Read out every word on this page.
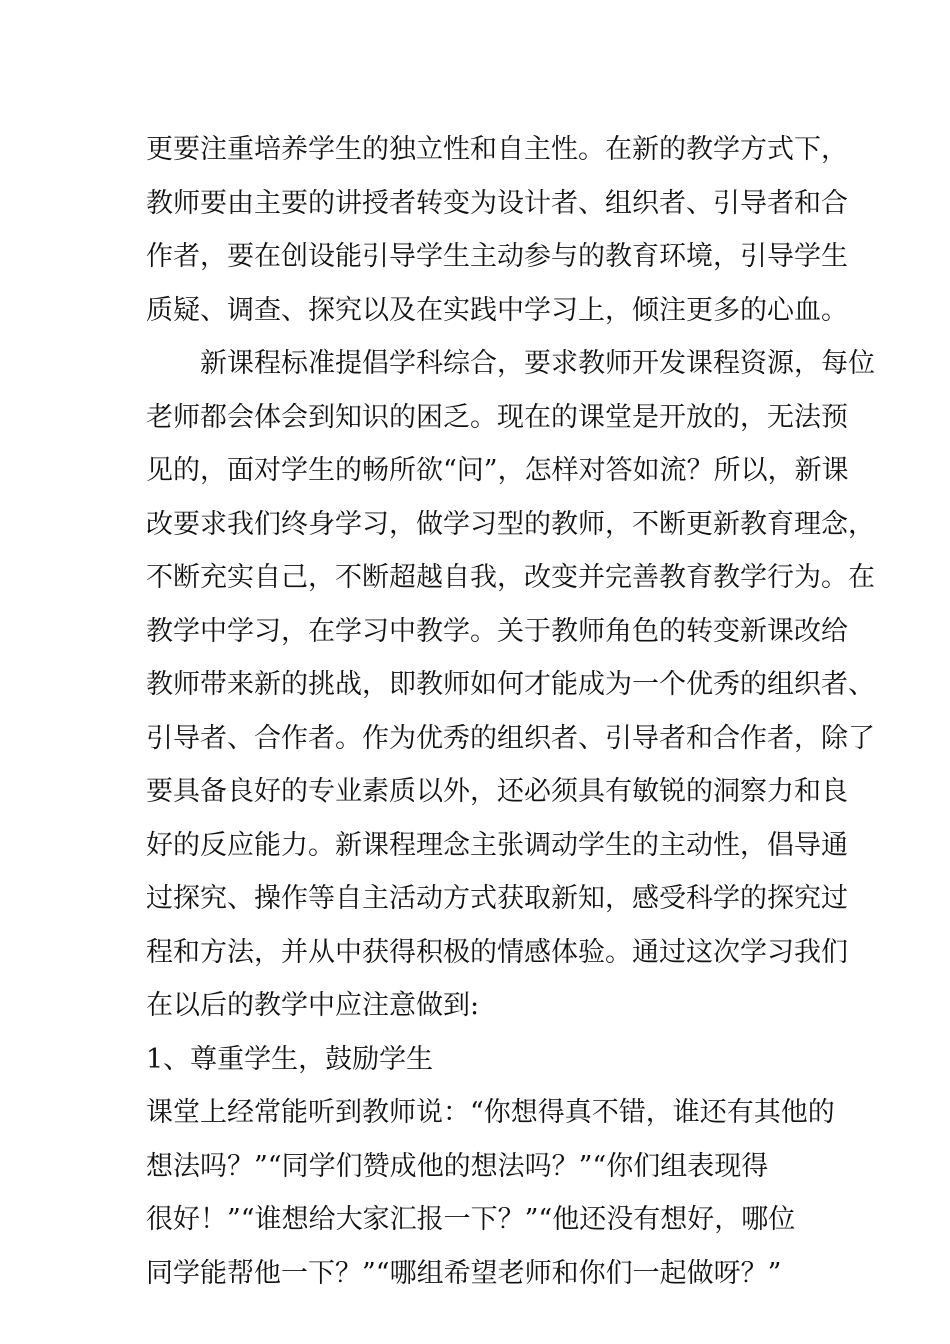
更要注重培养学生的独立性和自主性。在新的教学方式下，
教师要由主要的讲授者转变为设计者、组织者、引导者和合
作者，要在创设能引导学生主动参与的教育环境，引导学生
质疑、调查、探究以及在实践中学习上，倾注更多的心血。
新课程标准提倡学科综合，要求教师开发课程资源，每位
老师都会体会到知识的困乏。现在的课堂是开放的，无法预
见的，面对学生的畅所欲“问”，怎样对答如流？所以，新课
改要求我们终身学习，做学习型的教师，不断更新教育理念，
不断充实自己，不断超越自我，改变并完善教育教学行为。在
教学中学习，在学习中教学。关于教师角色的转变新课改给
教师带来新的挑战，即教师如何才能成为一个优秀的组织者、
引导者、合作者。作为优秀的组织者、引导者和合作者，除了
要具备良好的专业素质以外，还必须具有敏锐的洞察力和良
好的反应能力。新课程理念主张调动学生的主动性，倡导通
过探究、操作等自主活动方式获取新知，感受科学的探究过
程和方法，并从中获得积极的情感体验。通过这次学习我们
在以后的教学中应注意做到:
1、尊重学生，鼓励学生
课堂上经常能听到教师说：“你想得真不错，谁还有其他的
想法吗？”“同学们赞成他的想法吗？”“你们组表现得
很好！”“谁想给大家汇报一下？”“他还没有想好，哪位
同学能帮他一下？”“哪组希望老师和你们一起做呀？”
